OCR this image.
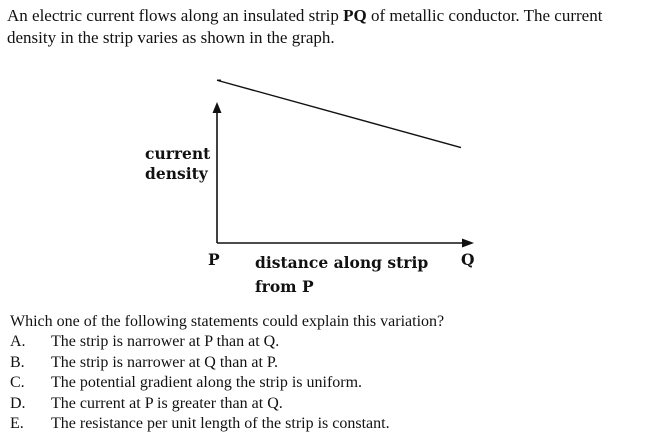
An electric current flows along an insulated strip PQ of metallic conductor. The current

density in the strip varies as shown in the graph.

current
density
P	Q
distance along strip
from P
Which one of the following statements could explain this variation?
A.	The strip is narrower at P than at Q.
B.	The strip is narrower at Q than at P.
C.	The potential gradient along the strip is uniform.
D.	The current at P is greater than at Q.
E.	The resistance per unit length of the strip is constant.
